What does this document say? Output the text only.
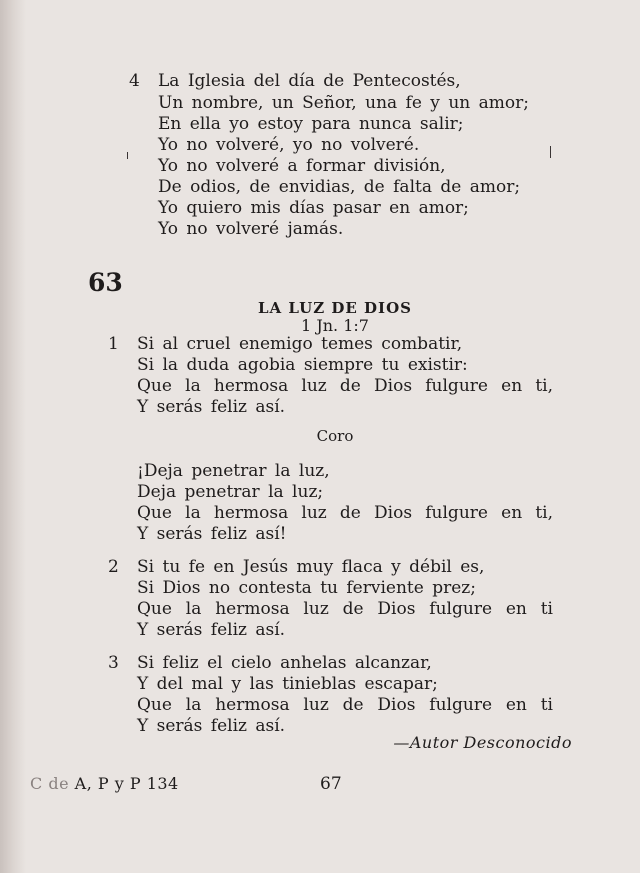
4 La Iglesia del día de Pentecostés,
Un nombre, un Señor, una fe y un amor;
En ella yo estoy para nunca salir;
Yo no volveré, yo no volveré.
Yo no volveré a formar división,
De odios, de envidias, de falta de amor;
Yo quiero mis días pasar en amor;
Yo no volveré jamás.
63
LA LUZ DE DIOS
1 Jn. 1:7
1 Si al cruel enemigo temes combatir,
Si la duda agobia siempre tu existir:
Que la hermosa luz de Dios fulgure en ti,
Y serás feliz así.
Coro
¡Deja penetrar la luz,
Deja penetrar la luz;
Que la hermosa luz de Dios fulgure en ti,
Y serás feliz así!
2 Si tu fe en Jesús muy flaca y débil es,
Si Dios no contesta tu ferviente prez;
Que la hermosa luz de Dios fulgure en ti
Y serás feliz así.
3 Si feliz el cielo anhelas alcanzar,
Y del mal y las tinieblas escapar;
Que la hermosa luz de Dios fulgure en ti
Y serás feliz así.
—Autor Desconocido
C de A, P y P 134	67
